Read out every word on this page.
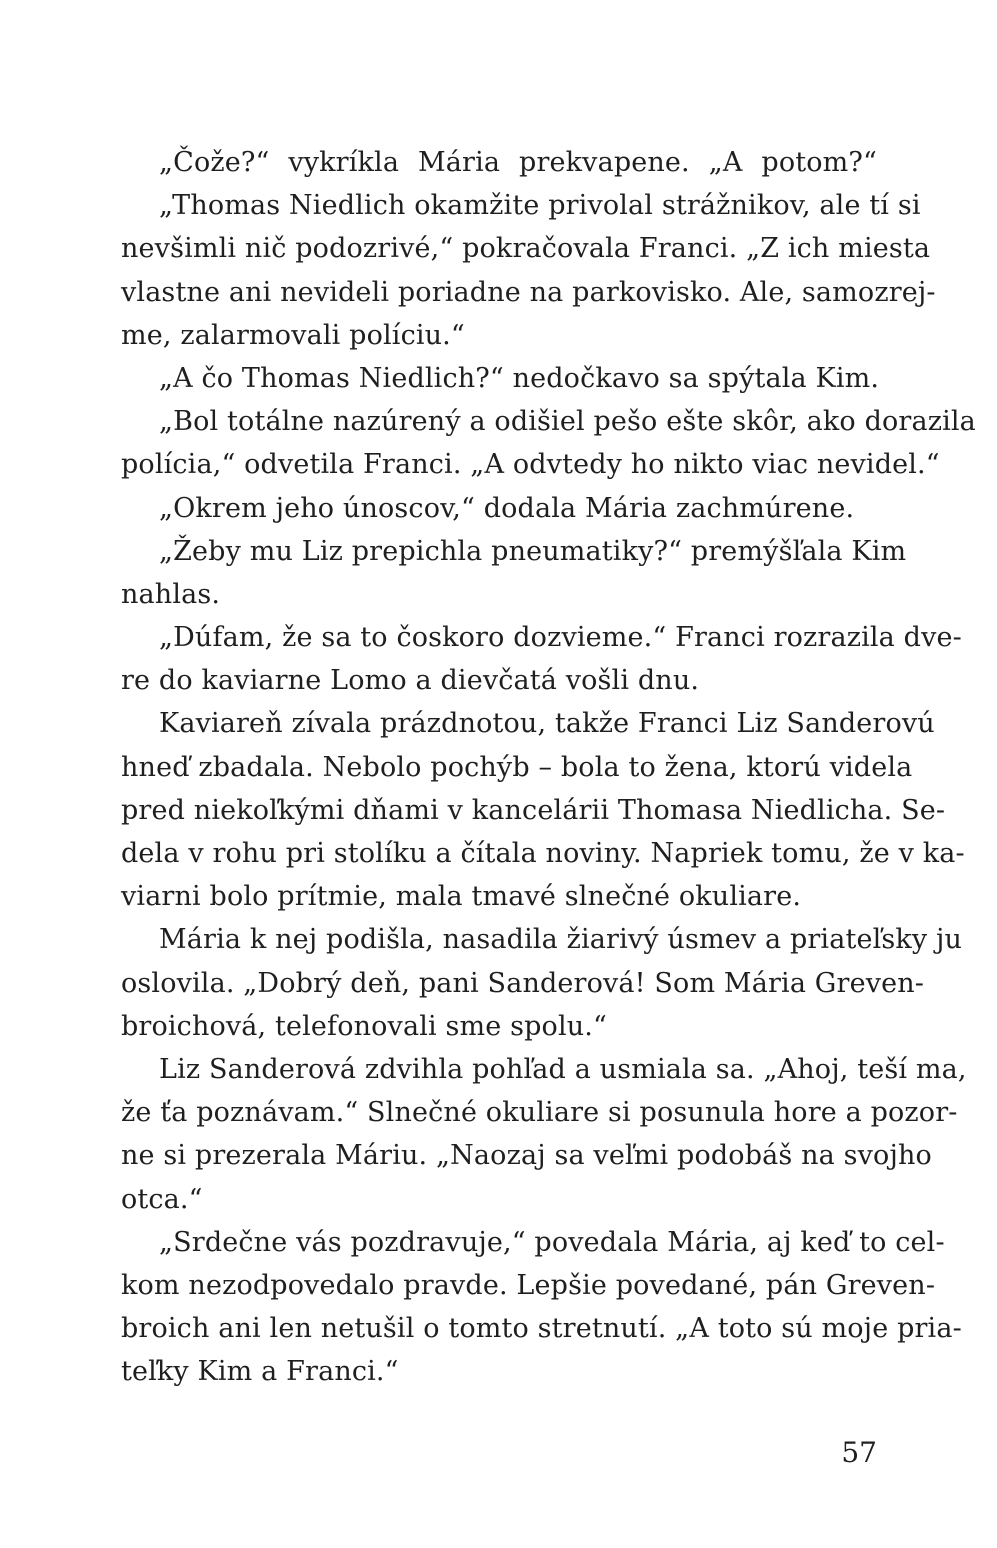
„Čože?“ vykríkla Mária prekvapene. „A potom?“
„Thomas Niedlich okamžite privolal strážnikov, ale tí si
nevšimli nič podozrivé,“ pokračovala Franci. „Z ich miesta
vlastne ani nevideli poriadne na parkovisko. Ale, samozrej-
me, zalarmovali políciu.“
„A čo Thomas Niedlich?“ nedočkavo sa spýtala Kim.
„Bol totálne nazúrený a odišiel pešo ešte skôr, ako dorazila
polícia,“ odvetila Franci. „A odvtedy ho nikto viac nevidel.“
„Okrem jeho únoscov,“ dodala Mária zachmúrene.
„Žeby mu Liz prepichla pneumatiky?“ premýšľala Kim
nahlas.
„Dúfam, že sa to čoskoro dozvieme.“ Franci rozrazila dve-
re do kaviarne Lomo a dievčatá vošli dnu.
Kaviareň zívala prázdnotou, takže Franci Liz Sanderovú
hneď zbadala. Nebolo pochýb – bola to žena, ktorú videla
pred niekoľkými dňami v kancelárii Thomasa Niedlicha. Se-
dela v rohu pri stolíku a čítala noviny. Napriek tomu, že v ka-
viarni bolo prítmie, mala tmavé slnečné okuliare.
Mária k nej podišla, nasadila žiarivý úsmev a priateľsky ju
oslovila. „Dobrý deň, pani Sanderová! Som Mária Greven-
broichová, telefonovali sme spolu.“
Liz Sanderová zdvihla pohľad a usmiala sa. „Ahoj, teší ma,
že ťa poznávam.“ Slnečné okuliare si posunula hore a pozor-
ne si prezerala Máriu. „Naozaj sa veľmi podobáš na svojho
otca.“
„Srdečne vás pozdravuje,“ povedala Mária, aj keď to cel-
kom nezodpovedalo pravde. Lepšie povedané, pán Greven-
broich ani len netušil o tomto stretnutí. „A toto sú moje pria-
teľky Kim a Franci.“
57
